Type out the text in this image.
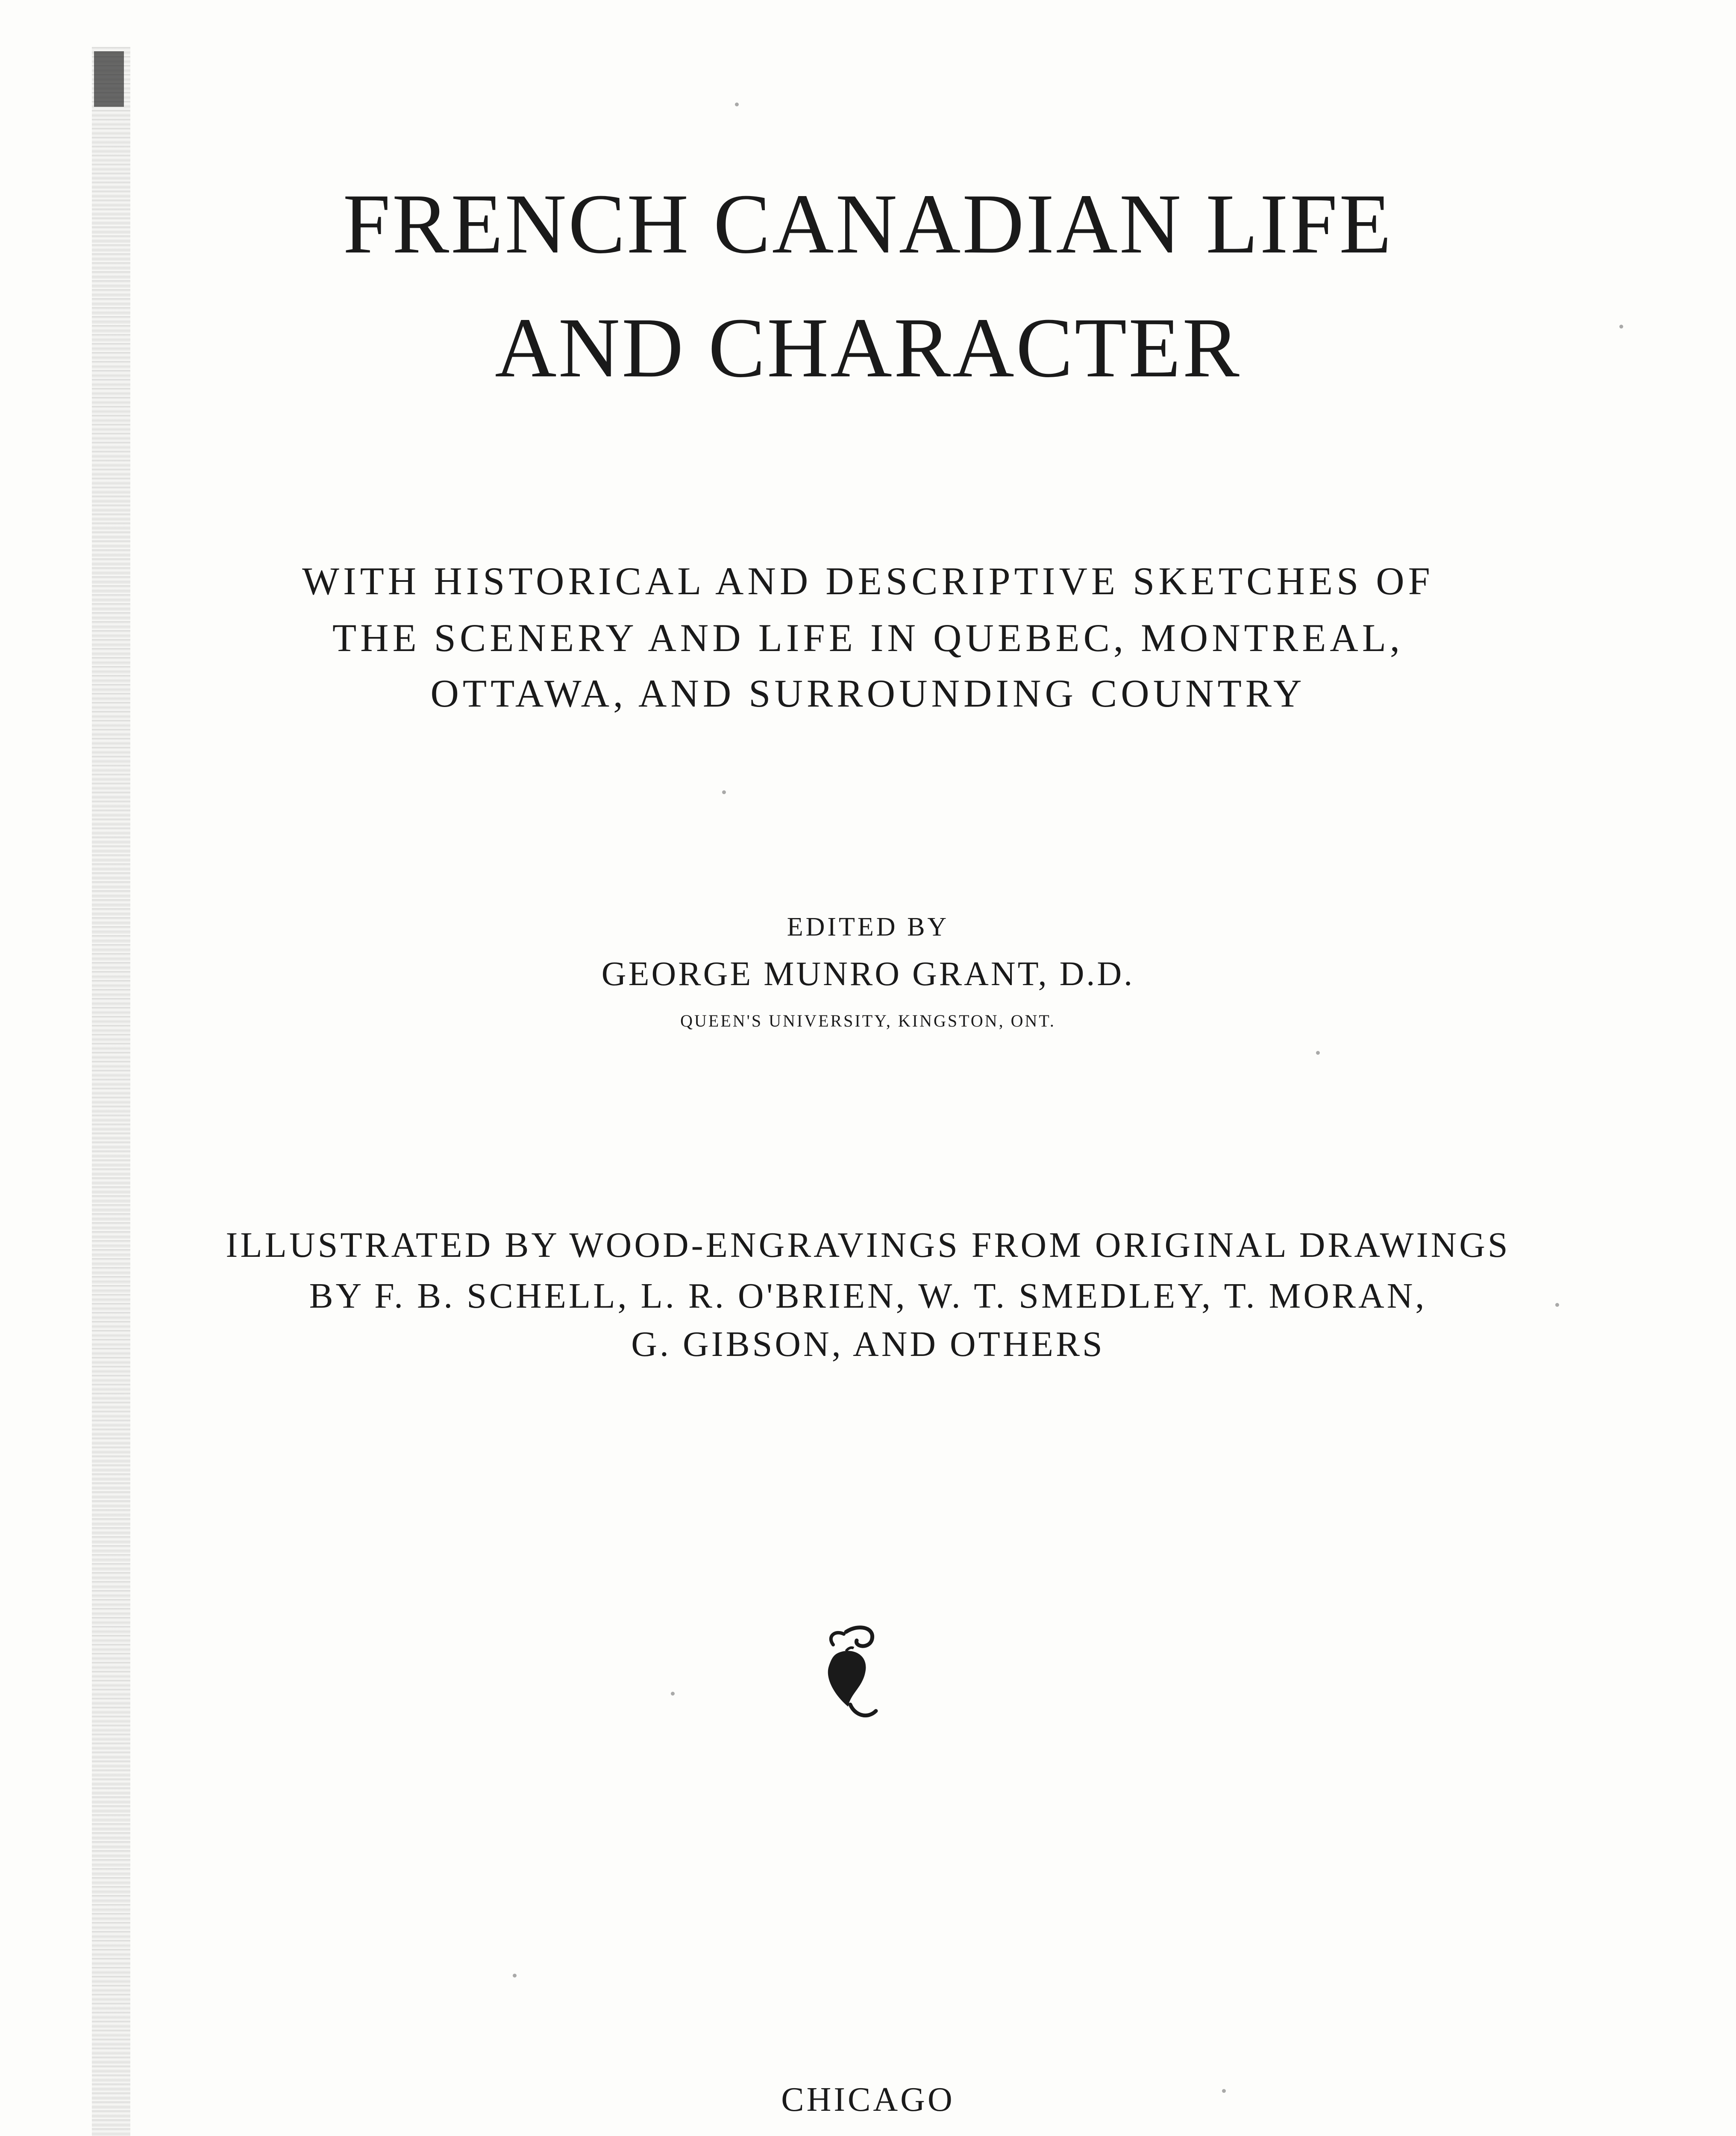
FRENCH CANADIAN LIFE
AND CHARACTER
WITH HISTORICAL AND DESCRIPTIVE SKETCHES OF
THE SCENERY AND LIFE IN QUEBEC, MONTREAL,
OTTAWA, AND SURROUNDING COUNTRY
EDITED BY
GEORGE MUNRO GRANT, D.D.
QUEEN'S UNIVERSITY, KINGSTON, ONT.
ILLUSTRATED BY WOOD-ENGRAVINGS FROM ORIGINAL DRAWINGS
BY F. B. SCHELL, L. R. O'BRIEN, W. T. SMEDLEY, T. MORAN,
G. GIBSON, AND OTHERS
CHICAGO
